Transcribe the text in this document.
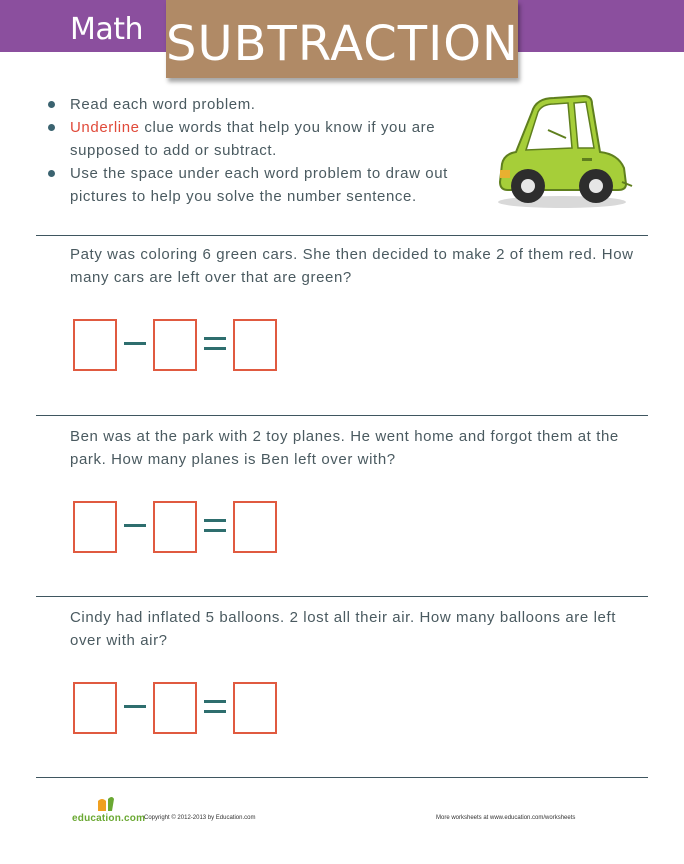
Math SUBTRACTION
Read each word problem.
Underline clue words that help you know if you are supposed to add or subtract.
Use the space under each word problem to draw out pictures to help you solve the number sentence.
Paty was coloring 6 green cars. She then decided to make 2 of them red. How many cars are left over that are green?
Ben was at the park with 2 toy planes. He went home and forgot them at the park. How many planes is Ben left over with?
Cindy had inflated 5 balloons. 2 lost all their air. How many balloons are left over with air?
education.com
Copyright © 2012-2013 by Education.com	More worksheets at www.education.com/worksheets
